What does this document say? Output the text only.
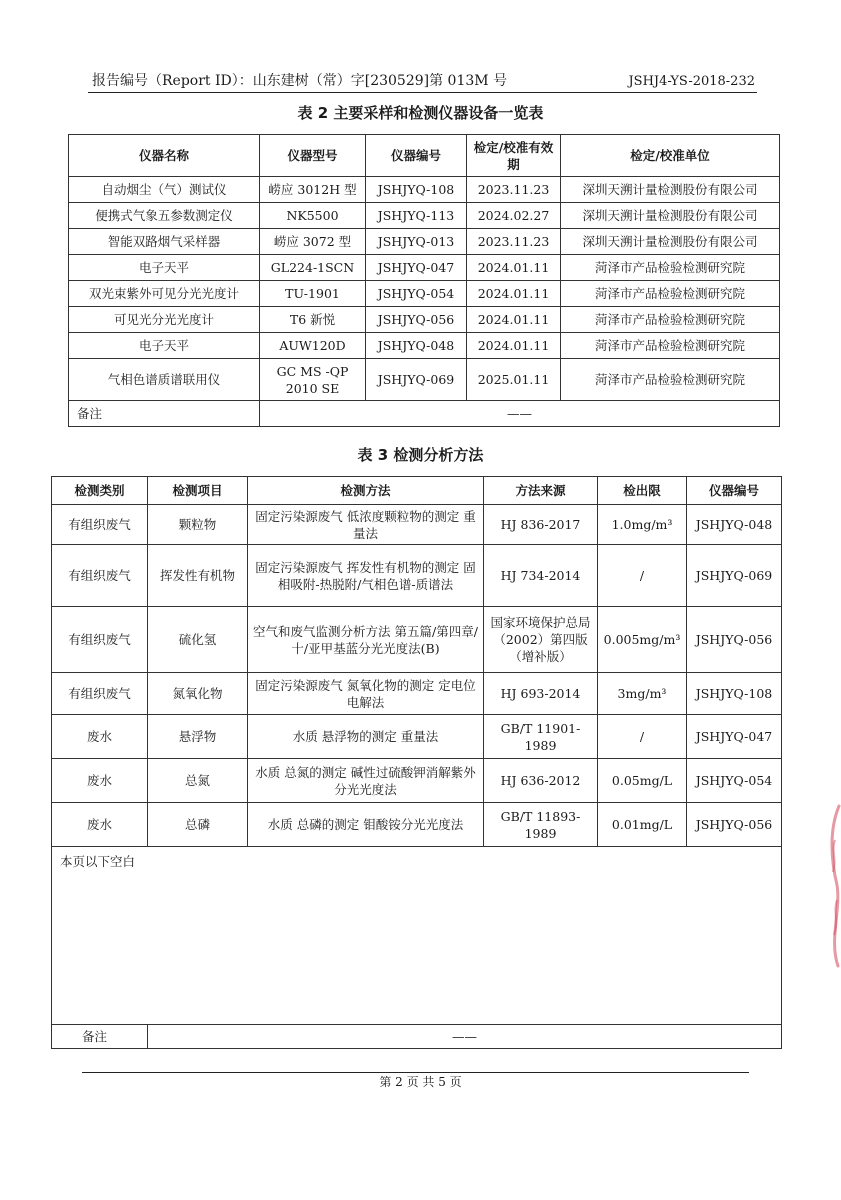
报告编号（Report ID）：山东建树（常）字[230529]第 013M 号	JSHJ4-YS-2018-232
表 2 主要采样和检测仪器设备一览表
仪器名称	仪器型号	仪器编号	检定/校准有效期	检定/校准单位
自动烟尘（气）测试仪	崂应 3012H 型	JSHJYQ-108	2023.11.23	深圳天溯计量检测股份有限公司
便携式气象五参数测定仪	NK5500	JSHJYQ-113	2024.02.27	深圳天溯计量检测股份有限公司
智能双路烟气采样器	崂应 3072 型	JSHJYQ-013	2023.11.23	深圳天溯计量检测股份有限公司
电子天平	GL224-1SCN	JSHJYQ-047	2024.01.11	菏泽市产品检验检测研究院
双光束紫外可见分光光度计	TU-1901	JSHJYQ-054	2024.01.11	菏泽市产品检验检测研究院
可见光分光光度计	T6 新悦	JSHJYQ-056	2024.01.11	菏泽市产品检验检测研究院
电子天平	AUW120D	JSHJYQ-048	2024.01.11	菏泽市产品检验检测研究院
气相色谱质谱联用仪	GC MS -QP 2010 SE	JSHJYQ-069	2025.01.11	菏泽市产品检验检测研究院
备注	——			
表 3 检测分析方法
检测类别	检测项目	检测方法	方法来源	检出限	仪器编号
有组织废气	颗粒物	固定污染源废气 低浓度颗粒物的测定 重量法	HJ 836-2017	1.0mg/m³	JSHJYQ-048
有组织废气	挥发性有机物	固定污染源废气 挥发性有机物的测定 固相吸附-热脱附/气相色谱-质谱法	HJ 734-2014	/	JSHJYQ-069
有组织废气	硫化氢	空气和废气监测分析方法 第五篇/第四章/十/亚甲基蓝分光光度法(B)	国家环境保护总局（2002）第四版（增补版）	0.005mg/m³	JSHJYQ-056
有组织废气	氮氧化物	固定污染源废气 氮氧化物的测定 定电位电解法	HJ 693-2014	3mg/m³	JSHJYQ-108
废水	悬浮物	水质 悬浮物的测定 重量法	GB/T 11901-1989	/	JSHJYQ-047
废水	总氮	水质 总氮的测定 碱性过硫酸钾消解紫外分光光度法	HJ 636-2012	0.05mg/L	JSHJYQ-054
废水	总磷	水质 总磷的测定 钼酸铵分光光度法	GB/T 11893-1989	0.01mg/L	JSHJYQ-056
本页以下空白					
备注	——				
第 2 页 共 5 页
